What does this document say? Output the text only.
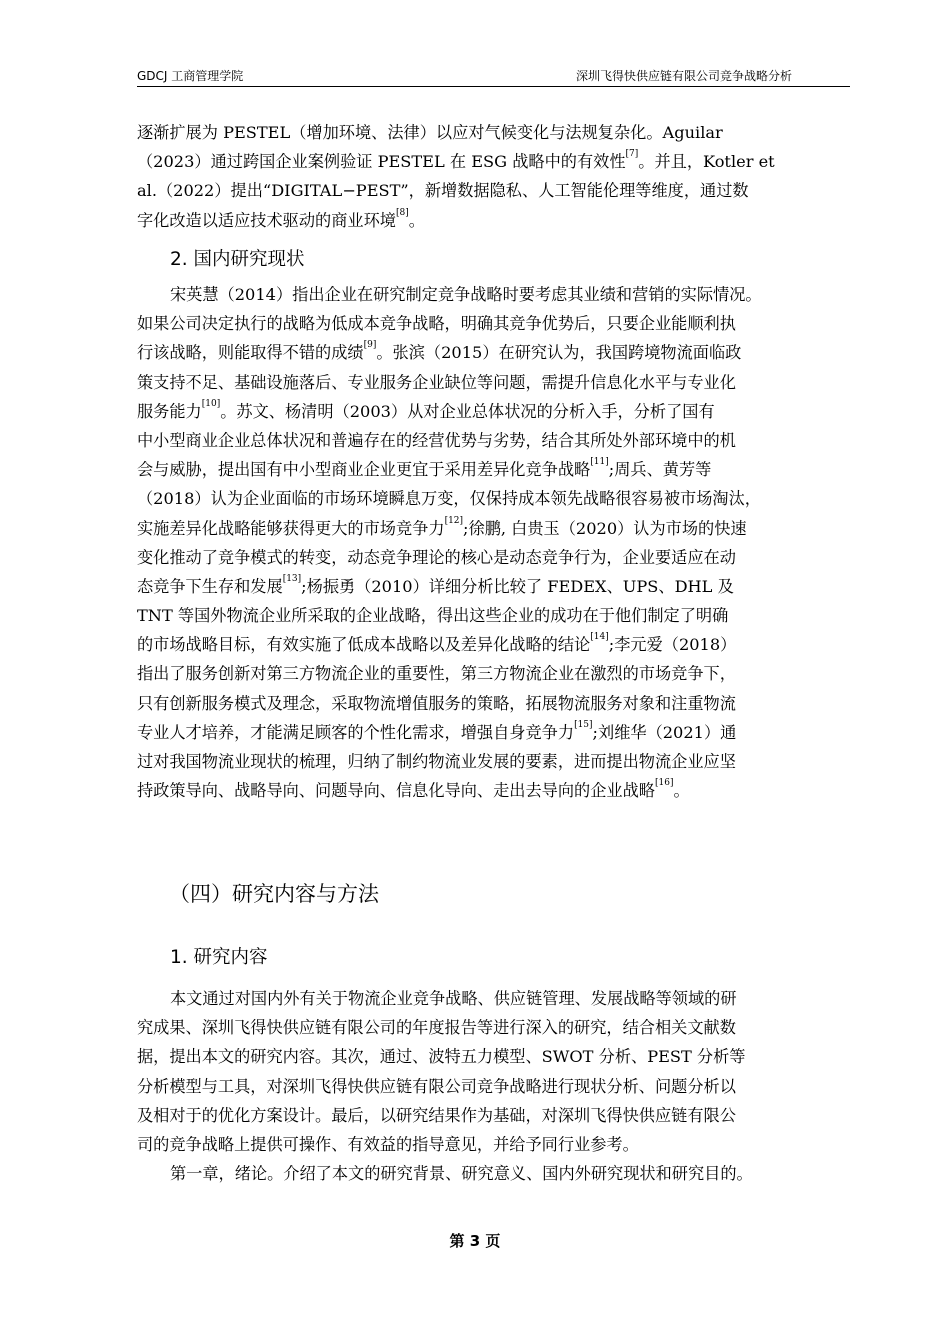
GDCJ 工商管理学院	深圳飞得快供应链有限公司竞争战略分析
逐渐扩展为 PESTEL（增加环境、法律）以应对气候变化与法规复杂化。Aguilar
（2023）通过跨国企业案例验证 PESTEL 在 ESG 战略中的有效性[7]。并且，Kotler et
al.（2022）提出“DIGITAL−PEST”，新增数据隐私、人工智能伦理等维度，通过数
字化改造以适应技术驱动的商业环境[8]。
2. 国内研究现状
宋英慧（2014）指出企业在研究制定竞争战略时要考虑其业绩和营销的实际情况。
如果公司决定执行的战略为低成本竞争战略，明确其竞争优势后，只要企业能顺利执
行该战略，则能取得不错的成绩[9]。张滨（2015）在研究认为，我国跨境物流面临政
策支持不足、基础设施落后、专业服务企业缺位等问题，需提升信息化水平与专业化
服务能力[10]。苏文、杨清明（2003）从对企业总体状况的分析入手，分析了国有
中小型商业企业总体状况和普遍存在的经营优势与劣势，结合其所处外部环境中的机
会与威胁，提出国有中小型商业企业更宜于采用差异化竞争战略[11];周兵、黄芳等
（2018）认为企业面临的市场环境瞬息万变，仅保持成本领先战略很容易被市场淘汰，
实施差异化战略能够获得更大的市场竞争力[12];徐鹏, 白贵玉（2020）认为市场的快速
变化推动了竞争模式的转变，动态竞争理论的核心是动态竞争行为，企业要适应在动
态竞争下生存和发展[13];杨振勇（2010）详细分析比较了 FEDEX、UPS、DHL 及
TNT 等国外物流企业所采取的企业战略，得出这些企业的成功在于他们制定了明确
的市场战略目标，有效实施了低成本战略以及差异化战略的结论[14];李元爱（2018）
指出了服务创新对第三方物流企业的重要性，第三方物流企业在激烈的市场竞争下，
只有创新服务模式及理念，采取物流增值服务的策略，拓展物流服务对象和注重物流
专业人才培养，才能满足顾客的个性化需求，增强自身竞争力[15];刘维华（2021）通
过对我国物流业现状的梳理，归纳了制约物流业发展的要素，进而提出物流企业应坚
持政策导向、战略导向、问题导向、信息化导向、走出去导向的企业战略[16]。
（四）研究内容与方法
1. 研究内容
本文通过对国内外有关于物流企业竞争战略、供应链管理、发展战略等领域的研
究成果、深圳飞得快供应链有限公司的年度报告等进行深入的研究，结合相关文献数
据，提出本文的研究内容。其次，通过、波特五力模型、SWOT 分析、PEST 分析等
分析模型与工具，对深圳飞得快供应链有限公司竞争战略进行现状分析、问题分析以
及相对于的优化方案设计。最后，以研究结果作为基础，对深圳飞得快供应链有限公
司的竞争战略上提供可操作、有效益的指导意见，并给予同行业参考。
第一章，绪论。介绍了本文的研究背景、研究意义、国内外研究现状和研究目的。
第 3 页
